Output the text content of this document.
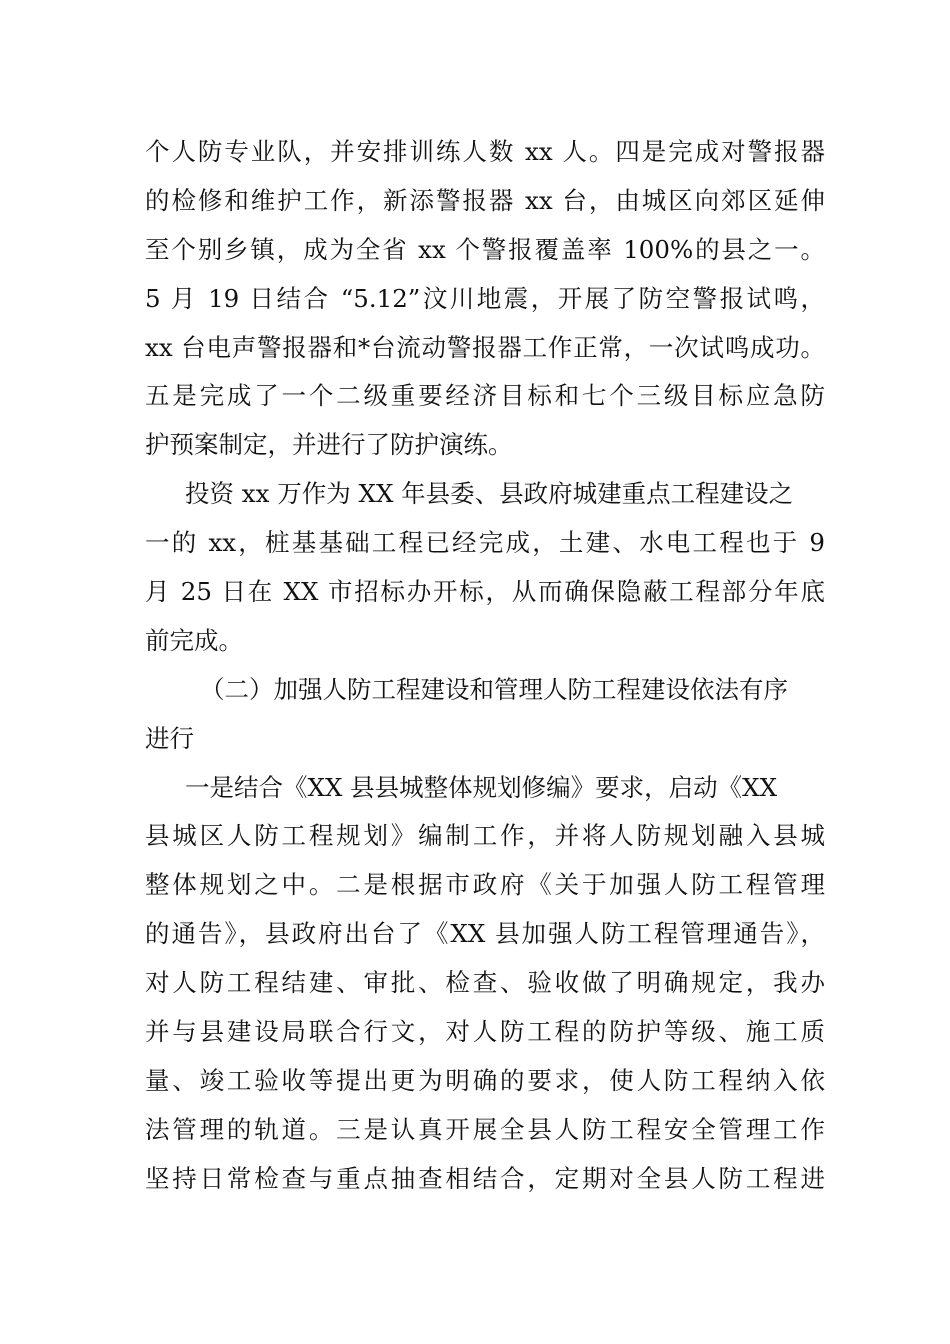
个人防专业队，并安排训练人数 xx 人。四是完成对警报器
的检修和维护工作，新添警报器 xx 台，由城区向郊区延伸
至个别乡镇，成为全省 xx 个警报覆盖率 100%的县之一。
5 月 19 日结合 “5.12”汶川地震，开展了防空警报试鸣，
xx 台电声警报器和*台流动警报器工作正常，一次试鸣成功。
五是完成了一个二级重要经济目标和七个三级目标应急防
护预案制定，并进行了防护演练。
投资 xx 万作为 XX 年县委、县政府城建重点工程建设之
一的 xx，桩基基础工程已经完成，土建、水电工程也于 9
月 25 日在 XX 市招标办开标，从而确保隐蔽工程部分年底
前完成。
（二）加强人防工程建设和管理人防工程建设依法有序
进行
一是结合《XX 县县城整体规划修编》要求，启动《XX
县城区人防工程规划》编制工作，并将人防规划融入县城
整体规划之中。二是根据市政府《关于加强人防工程管理
的通告》，县政府出台了《XX 县加强人防工程管理通告》，
对人防工程结建、审批、检查、验收做了明确规定，我办
并与县建设局联合行文，对人防工程的防护等级、施工质
量、竣工验收等提出更为明确的要求，使人防工程纳入依
法管理的轨道。三是认真开展全县人防工程安全管理工作
坚持日常检查与重点抽查相结合，定期对全县人防工程进
